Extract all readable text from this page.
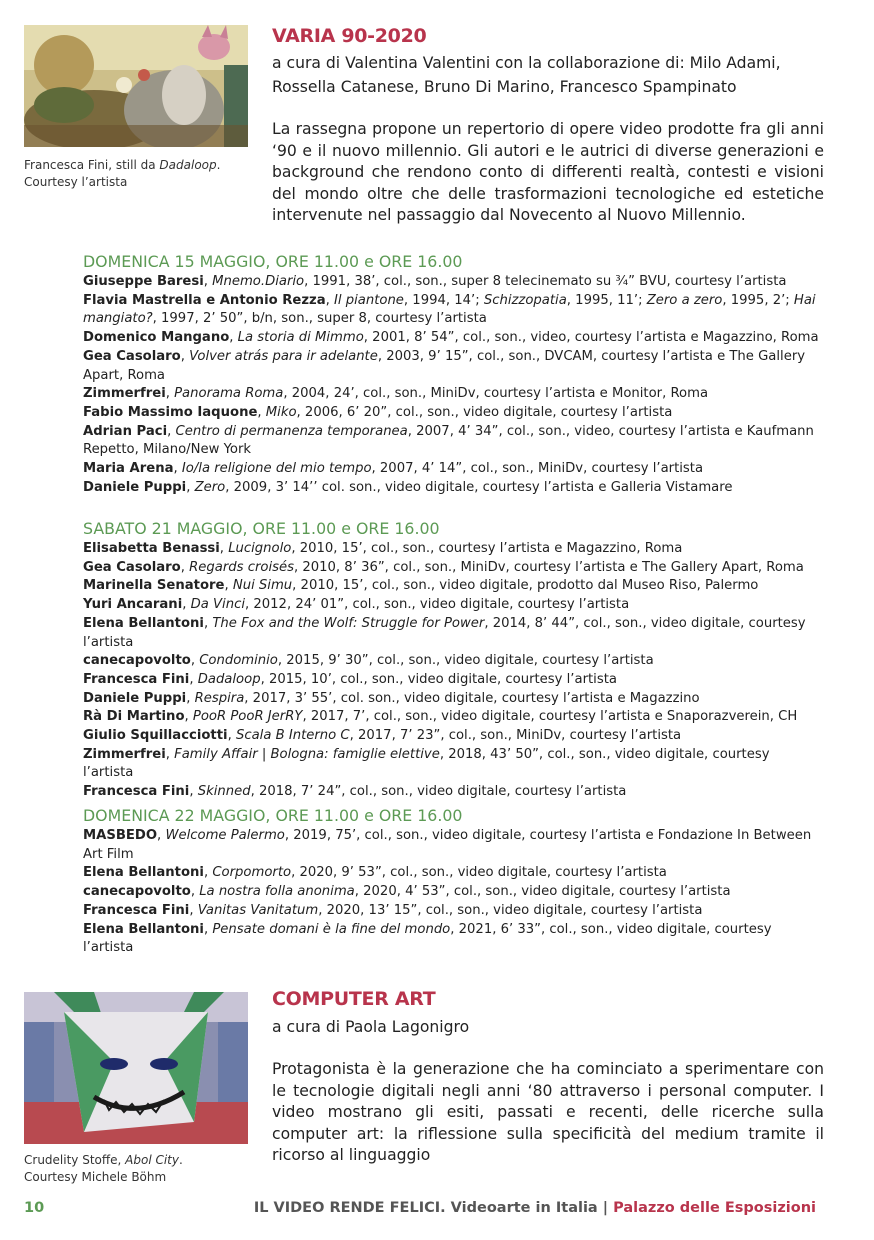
Francesca Fini, still da Dadaloop.
Courtesy l’artista
VARIA 90-2020
a cura di Valentina Valentini con la collaborazione di: Milo Adami, Rossella Catanese, Bruno Di Marino, Francesco Spampinato
La rassegna propone un repertorio di opere video prodotte fra gli anni ‘90 e il nuovo millennio. Gli autori e le autrici di diverse generazioni e background che rendono conto di differenti realtà, contesti e visioni del mondo oltre che delle trasformazioni tecnologiche ed estetiche intervenute nel passaggio dal Novecento al Nuovo Millennio.
DOMENICA 15 MAGGIO, ORE 11.00 e ORE 16.00
Giuseppe Baresi, Mnemo.Diario, 1991, 38’, col., son., super 8 telecinemato su ¾” BVU, courtesy l’artista
Flavia Mastrella e Antonio Rezza, Il piantone, 1994, 14’; Schizzopatia, 1995, 11’; Zero a zero, 1995, 2’; Hai mangiato?, 1997, 2’ 50”, b/n, son., super 8, courtesy l’artista
Domenico Mangano, La storia di Mimmo, 2001, 8’ 54”, col., son., video, courtesy l’artista e Magazzino, Roma
Gea Casolaro, Volver atrás para ir adelante, 2003, 9’ 15”, col., son., DVCAM, courtesy l’artista e The Gallery Apart, Roma
Zimmerfrei, Panorama Roma, 2004, 24’, col., son., MiniDv, courtesy l’artista e Monitor, Roma
Fabio Massimo Iaquone, Miko, 2006, 6’ 20”, col., son., video digitale, courtesy l’artista
Adrian Paci, Centro di permanenza temporanea, 2007, 4’ 34”, col., son., video, courtesy l’artista e Kaufmann Repetto, Milano/New York
Maria Arena, Io/la religione del mio tempo, 2007, 4’ 14”, col., son., MiniDv, courtesy l’artista
Daniele Puppi, Zero, 2009, 3’ 14’’ col. son., video digitale, courtesy l’artista e Galleria Vistamare
SABATO 21 MAGGIO, ORE 11.00 e ORE 16.00
Elisabetta Benassi, Lucignolo, 2010, 15’, col., son., courtesy l’artista e Magazzino, Roma
Gea Casolaro, Regards croisés, 2010, 8’ 36”, col., son., MiniDv, courtesy l’artista e The Gallery Apart, Roma
Marinella Senatore, Nui Simu, 2010, 15’, col., son., video digitale, prodotto dal Museo Riso, Palermo
Yuri Ancarani, Da Vinci, 2012, 24’ 01”, col., son., video digitale, courtesy l’artista
Elena Bellantoni, The Fox and the Wolf: Struggle for Power, 2014, 8’ 44”, col., son., video digitale, courtesy l’artista
canecapovolto, Condominio, 2015, 9’ 30”, col., son., video digitale, courtesy l’artista
Francesca Fini, Dadaloop, 2015, 10’, col., son., video digitale, courtesy l’artista
Daniele Puppi, Respira, 2017, 3’ 55’, col. son., video digitale, courtesy l’artista e Magazzino
Rà Di Martino, PooR PooR JerRY, 2017, 7’, col., son., video digitale, courtesy l’artista e Snaporazverein, CH
Giulio Squillacciotti, Scala B Interno C, 2017, 7’ 23”, col., son., MiniDv, courtesy l’artista
Zimmerfrei, Family Affair | Bologna: famiglie elettive, 2018, 43’ 50”, col., son., video digitale, courtesy l’artista
Francesca Fini, Skinned, 2018, 7’ 24”, col., son., video digitale, courtesy l’artista
DOMENICA 22 MAGGIO, ORE 11.00 e ORE 16.00
MASBEDO, Welcome Palermo, 2019, 75’, col., son., video digitale, courtesy l’artista e Fondazione In Between Art Film
Elena Bellantoni, Corpomorto, 2020, 9’ 53”, col., son., video digitale, courtesy l’artista
canecapovolto, La nostra folla anonima, 2020, 4’ 53”, col., son., video digitale, courtesy l’artista
Francesca Fini, Vanitas Vanitatum, 2020, 13’ 15”, col., son., video digitale, courtesy l’artista
Elena Bellantoni, Pensate domani è la fine del mondo, 2021, 6’ 33”, col., son., video digitale, courtesy l’artista
Crudelity Stoffe, Abol City.
Courtesy Michele Böhm
COMPUTER ART
a cura di Paola Lagonigro
Protagonista è la generazione che ha cominciato a sperimentare con le tecnologie digitali negli anni ‘80 attraverso i personal computer. I video mostrano gli esiti, passati e recenti, delle ricerche sulla computer art: la riflessione sulla specificità del medium tramite il ricorso al linguaggio
10	IL VIDEO RENDE FELICI. Videoarte in Italia | Palazzo delle Esposizioni
